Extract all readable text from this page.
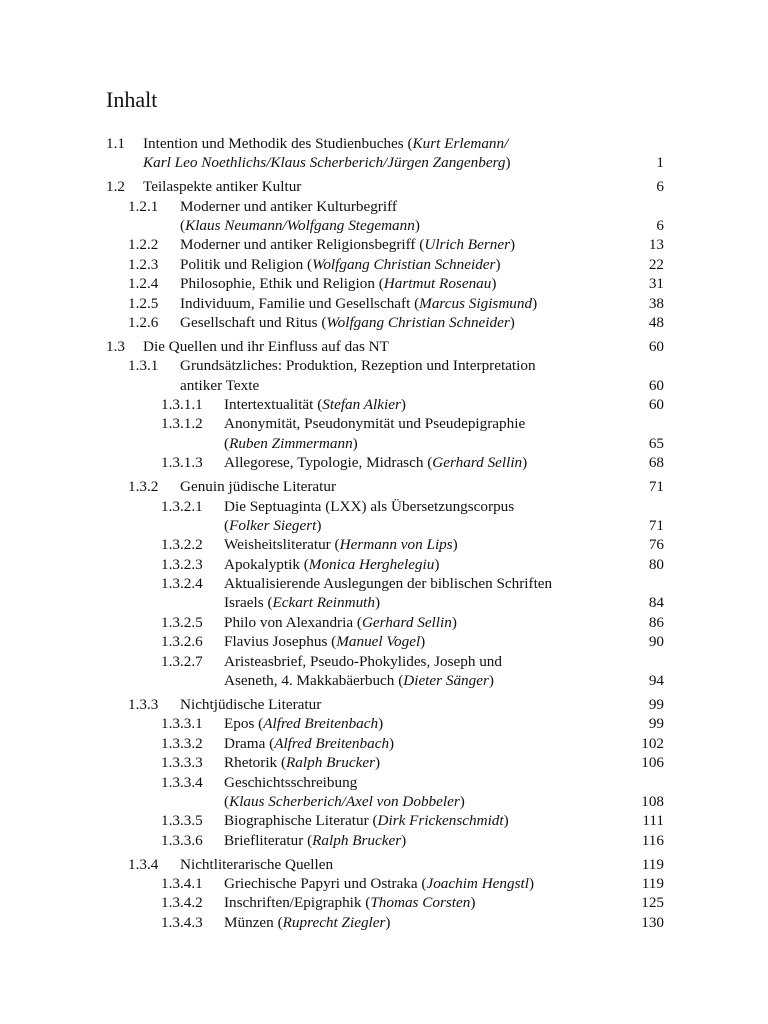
Inhalt
1.1 Intention und Methodik des Studienbuches (Kurt Erlemann/
Karl Leo Noethlichs/Klaus Scherberich/Jürgen Zangenberg)	1
1.2 Teilaspekte antiker Kultur	6
1.2.1 Moderner und antiker Kulturbegriff
(Klaus Neumann/Wolfgang Stegemann)	6
1.2.2 Moderner und antiker Religionsbegriff (Ulrich Berner)	13
1.2.3 Politik und Religion (Wolfgang Christian Schneider)	22
1.2.4 Philosophie, Ethik und Religion (Hartmut Rosenau)	31
1.2.5 Individuum, Familie und Gesellschaft (Marcus Sigismund)	38
1.2.6 Gesellschaft und Ritus (Wolfgang Christian Schneider)	48
1.3 Die Quellen und ihr Einfluss auf das NT	60
1.3.1 Grundsätzliches: Produktion, Rezeption und Interpretation
antiker Texte	60
1.3.1.1 Intertextualität (Stefan Alkier)	60
1.3.1.2 Anonymität, Pseudonymität und Pseudepigraphie
(Ruben Zimmermann)	65
1.3.1.3 Allegorese, Typologie, Midrasch (Gerhard Sellin)	68
1.3.2 Genuin jüdische Literatur	71
1.3.2.1 Die Septuaginta (LXX) als Übersetzungscorpus
(Folker Siegert)	71
1.3.2.2 Weisheitsliteratur (Hermann von Lips)	76
1.3.2.3 Apokalyptik (Monica Herghelegiu)	80
1.3.2.4 Aktualisierende Auslegungen der biblischen Schriften
Israels (Eckart Reinmuth)	84
1.3.2.5 Philo von Alexandria (Gerhard Sellin)	86
1.3.2.6 Flavius Josephus (Manuel Vogel)	90
1.3.2.7 Aristeasbrief, Pseudo-Phokylides, Joseph und
Aseneth, 4. Makkabäerbuch (Dieter Sänger)	94
1.3.3 Nichtjüdische Literatur	99
1.3.3.1 Epos (Alfred Breitenbach)	99
1.3.3.2 Drama (Alfred Breitenbach)	102
1.3.3.3 Rhetorik (Ralph Brucker)	106
1.3.3.4 Geschichtsschreibung
(Klaus Scherberich/Axel von Dobbeler)	108
1.3.3.5 Biographische Literatur (Dirk Frickenschmidt)	111
1.3.3.6 Briefliteratur (Ralph Brucker)	116
1.3.4 Nichtliterarische Quellen	119
1.3.4.1 Griechische Papyri und Ostraka (Joachim Hengstl)	119
1.3.4.2 Inschriften/Epigraphik (Thomas Corsten)	125
1.3.4.3 Münzen (Ruprecht Ziegler)	130
